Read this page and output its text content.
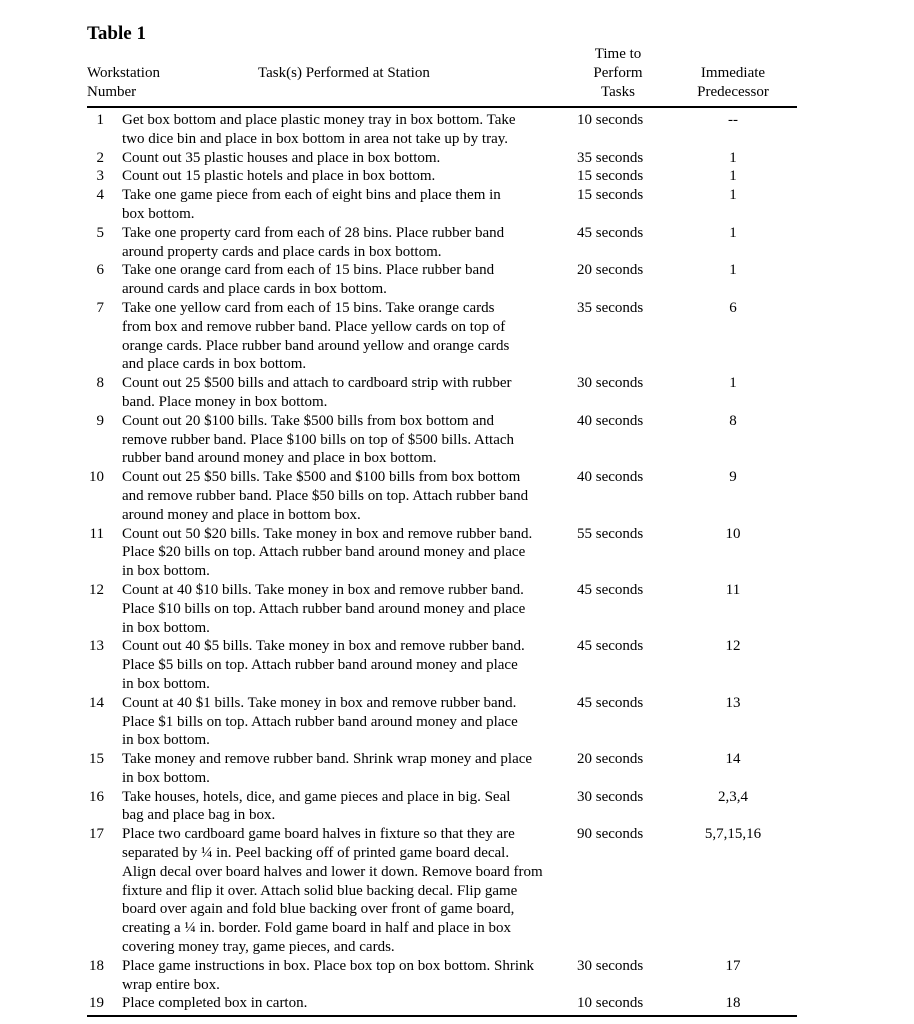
Table 1
Workstation
Number
Task(s) Performed at Station
Time to
Perform
Tasks
Immediate
Predecessor
1 Get box bottom and place plastic money tray in box bottom. Take
two dice bin and place in box bottom in area not take up by tray.
10 seconds	--
2 Count out 35 plastic houses and place in box bottom.	35 seconds	1
3 Count out 15 plastic hotels and place in box bottom.	15 seconds	1
4 Take one game piece from each of eight bins and place them in
box bottom.
15 seconds	1
5 Take one property card from each of 28 bins. Place rubber band
around property cards and place cards in box bottom.
45 seconds	1
6 Take one orange card from each of 15 bins. Place rubber band
around cards and place cards in box bottom.
20 seconds	1
7 Take one yellow card from each of 15 bins. Take orange cards
from box and remove rubber band. Place yellow cards on top of
orange cards. Place rubber band around yellow and orange cards
and place cards in box bottom.
35 seconds	6
8 Count out 25 $500 bills and attach to cardboard strip with rubber
band. Place money in box bottom.
30 seconds	1
9 Count out 20 $100 bills. Take $500 bills from box bottom and
remove rubber band. Place $100 bills on top of $500 bills. Attach
rubber band around money and place in box bottom.
40 seconds	8
10 Count out 25 $50 bills. Take $500 and $100 bills from box bottom
and remove rubber band. Place $50 bills on top. Attach rubber band
around money and place in bottom box.
40 seconds	9
11 Count out 50 $20 bills. Take money in box and remove rubber band.
Place $20 bills on top. Attach rubber band around money and place
in box bottom.
55 seconds	10
12 Count at 40 $10 bills. Take money in box and remove rubber band.
Place $10 bills on top. Attach rubber band around money and place
in box bottom.
45 seconds	11
13 Count out 40 $5 bills. Take money in box and remove rubber band.
Place $5 bills on top. Attach rubber band around money and place
in box bottom.
45 seconds	12
14 Count at 40 $1 bills. Take money in box and remove rubber band.
Place $1 bills on top. Attach rubber band around money and place
in box bottom.
45 seconds	13
15 Take money and remove rubber band. Shrink wrap money and place
in box bottom.
20 seconds	14
16 Take houses, hotels, dice, and game pieces and place in big. Seal
bag and place bag in box.
30 seconds	2,3,4
17 Place two cardboard game board halves in fixture so that they are
separated by ¼ in. Peel backing off of printed game board decal.
Align decal over board halves and lower it down. Remove board from
fixture and flip it over. Attach solid blue backing decal. Flip game
board over again and fold blue backing over front of game board,
creating a ¼ in. border. Fold game board in half and place in box
covering money tray, game pieces, and cards.
90 seconds	5,7,15,16
18 Place game instructions in box. Place box top on box bottom. Shrink
wrap entire box.
30 seconds	17
19 Place completed box in carton.	10 seconds	18
